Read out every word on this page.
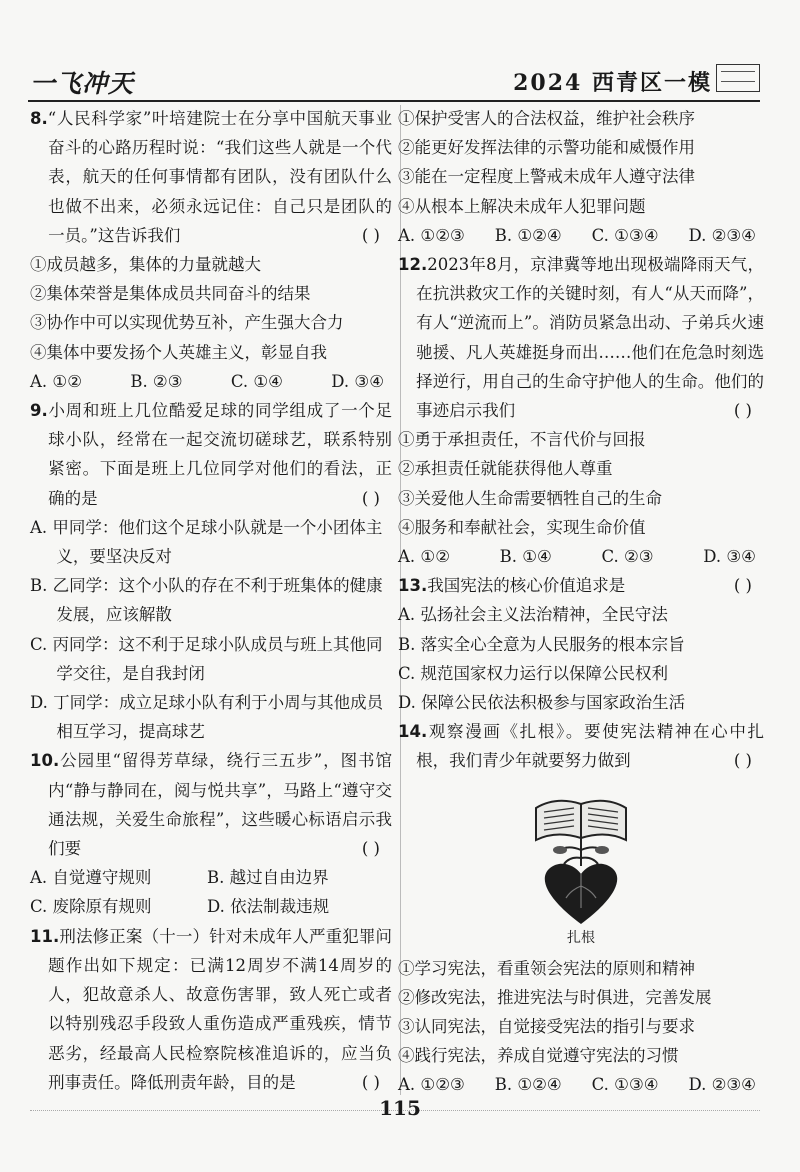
一飞冲天	2024 西青区一模
8.“人民科学家”叶培建院士在分享中国航天事业奋斗的心路历程时说：“我们这些人就是一个代表，航天的任何事情都有团队，没有团队什么也做不出来，必须永远记住：自己只是团队的一员。”这告诉我们	( )
①成员越多，集体的力量就越大
②集体荣誉是集体成员共同奋斗的结果
③协作中可以实现优势互补，产生强大合力
④集体中要发扬个人英雄主义，彰显自我
A. ①②	B. ②③	C. ①④	D. ③④
9.小周和班上几位酷爱足球的同学组成了一个足球小队，经常在一起交流切磋球艺，联系特别紧密。下面是班上几位同学对他们的看法，正确的是	( )
A. 甲同学：他们这个足球小队就是一个小团体主义，要坚决反对
B. 乙同学：这个小队的存在不利于班集体的健康发展，应该解散
C. 丙同学：这不利于足球小队成员与班上其他同学交往，是自我封闭
D. 丁同学：成立足球小队有利于小周与其他成员相互学习，提高球艺
10.公园里“留得芳草绿，绕行三五步”，图书馆内“静与静同在，阅与悦共享”，马路上“遵守交通法规，关爱生命旅程”，这些暖心标语启示我们要	( )
A. 自觉遵守规则	B. 越过自由边界
C. 废除原有规则	D. 依法制裁违规
11.刑法修正案（十一）针对未成年人严重犯罪问题作出如下规定：已满12周岁不满14周岁的人，犯故意杀人、故意伤害罪，致人死亡或者以特别残忍手段致人重伤造成严重残疾，情节恶劣，经最高人民检察院核准追诉的，应当负刑事责任。降低刑责年龄，目的是	( )
①保护受害人的合法权益，维护社会秩序
②能更好发挥法律的示警功能和威慑作用
③能在一定程度上警戒未成年人遵守法律
④从根本上解决未成年人犯罪问题
A. ①②③ B. ①②④ C. ①③④ D. ②③④
12.2023年8月，京津冀等地出现极端降雨天气，在抗洪救灾工作的关键时刻，有人“从天而降”，有人“逆流而上”。消防员紧急出动、子弟兵火速驰援、凡人英雄挺身而出……他们在危急时刻选择逆行，用自己的生命守护他人的生命。他们的事迹启示我们	( )
①勇于承担责任，不言代价与回报
②承担责任就能获得他人尊重
③关爱他人生命需要牺牲自己的生命
④服务和奉献社会，实现生命价值
A. ①②	B. ①④	C. ②③	D. ③④
13.我国宪法的核心价值追求是	( )
A. 弘扬社会主义法治精神，全民守法
B. 落实全心全意为人民服务的根本宗旨
C. 规范国家权力运行以保障公民权利
D. 保障公民依法积极参与国家政治生活
14.观察漫画《扎根》。要使宪法精神在心中扎根，我们青少年就要努力做到	( )
扎根
①学习宪法，看重领会宪法的原则和精神
②修改宪法，推进宪法与时俱进，完善发展
③认同宪法，自觉接受宪法的指引与要求
④践行宪法，养成自觉遵守宪法的习惯
A. ①②③ B. ①②④ C. ①③④ D. ②③④
115
